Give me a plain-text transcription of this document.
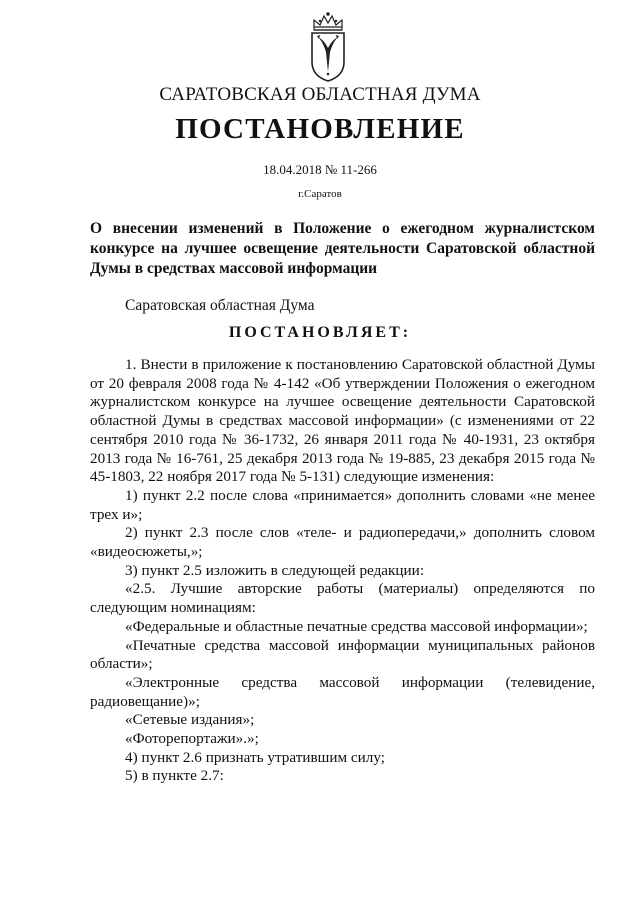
САРАТОВСКАЯ ОБЛАСТНАЯ ДУМА
ПОСТАНОВЛЕНИЕ
18.04.2018 № 11-266
г.Саратов
О внесении изменений в Положение о ежегодном журналистском конкурсе на лучшее освещение деятельности Саратовской областной Думы в средствах массовой информации
Саратовская областная Дума
ПОСТАНОВЛЯЕТ:

1. Внести в приложение к постановлению Саратовской областной Думы от 20 февраля 2008 года № 4-142 «Об утверждении Положения о ежегодном журналистском конкурсе на лучшее освещение деятельности Саратовской областной Думы в средствах массовой информации» (с изменениями от 22 сентября 2010 года № 36-1732, 26 января 2011 года № 40-1931, 23 октября 2013 года № 16-761, 25 декабря 2013 года № 19-885, 23 декабря 2015 года № 45-1803, 22 ноября 2017 года № 5-131) следующие изменения:

1) пункт 2.2 после слова «принимается» дополнить словами «не менее трех и»;

2) пункт 2.3 после слов «теле- и радиопередачи,» дополнить словом «видеосюжеты,»;

3) пункт 2.5 изложить в следующей редакции:

«2.5. Лучшие авторские работы (материалы) определяются по следующим номинациям:

«Федеральные и областные печатные средства массовой информации»;

«Печатные средства массовой информации муниципальных районов области»;

«Электронные средства массовой информации (телевидение, радиовещание)»;

«Сетевые издания»;

«Фоторепортажи».»;

4) пункт 2.6 признать утратившим силу;

5) в пункте 2.7:
